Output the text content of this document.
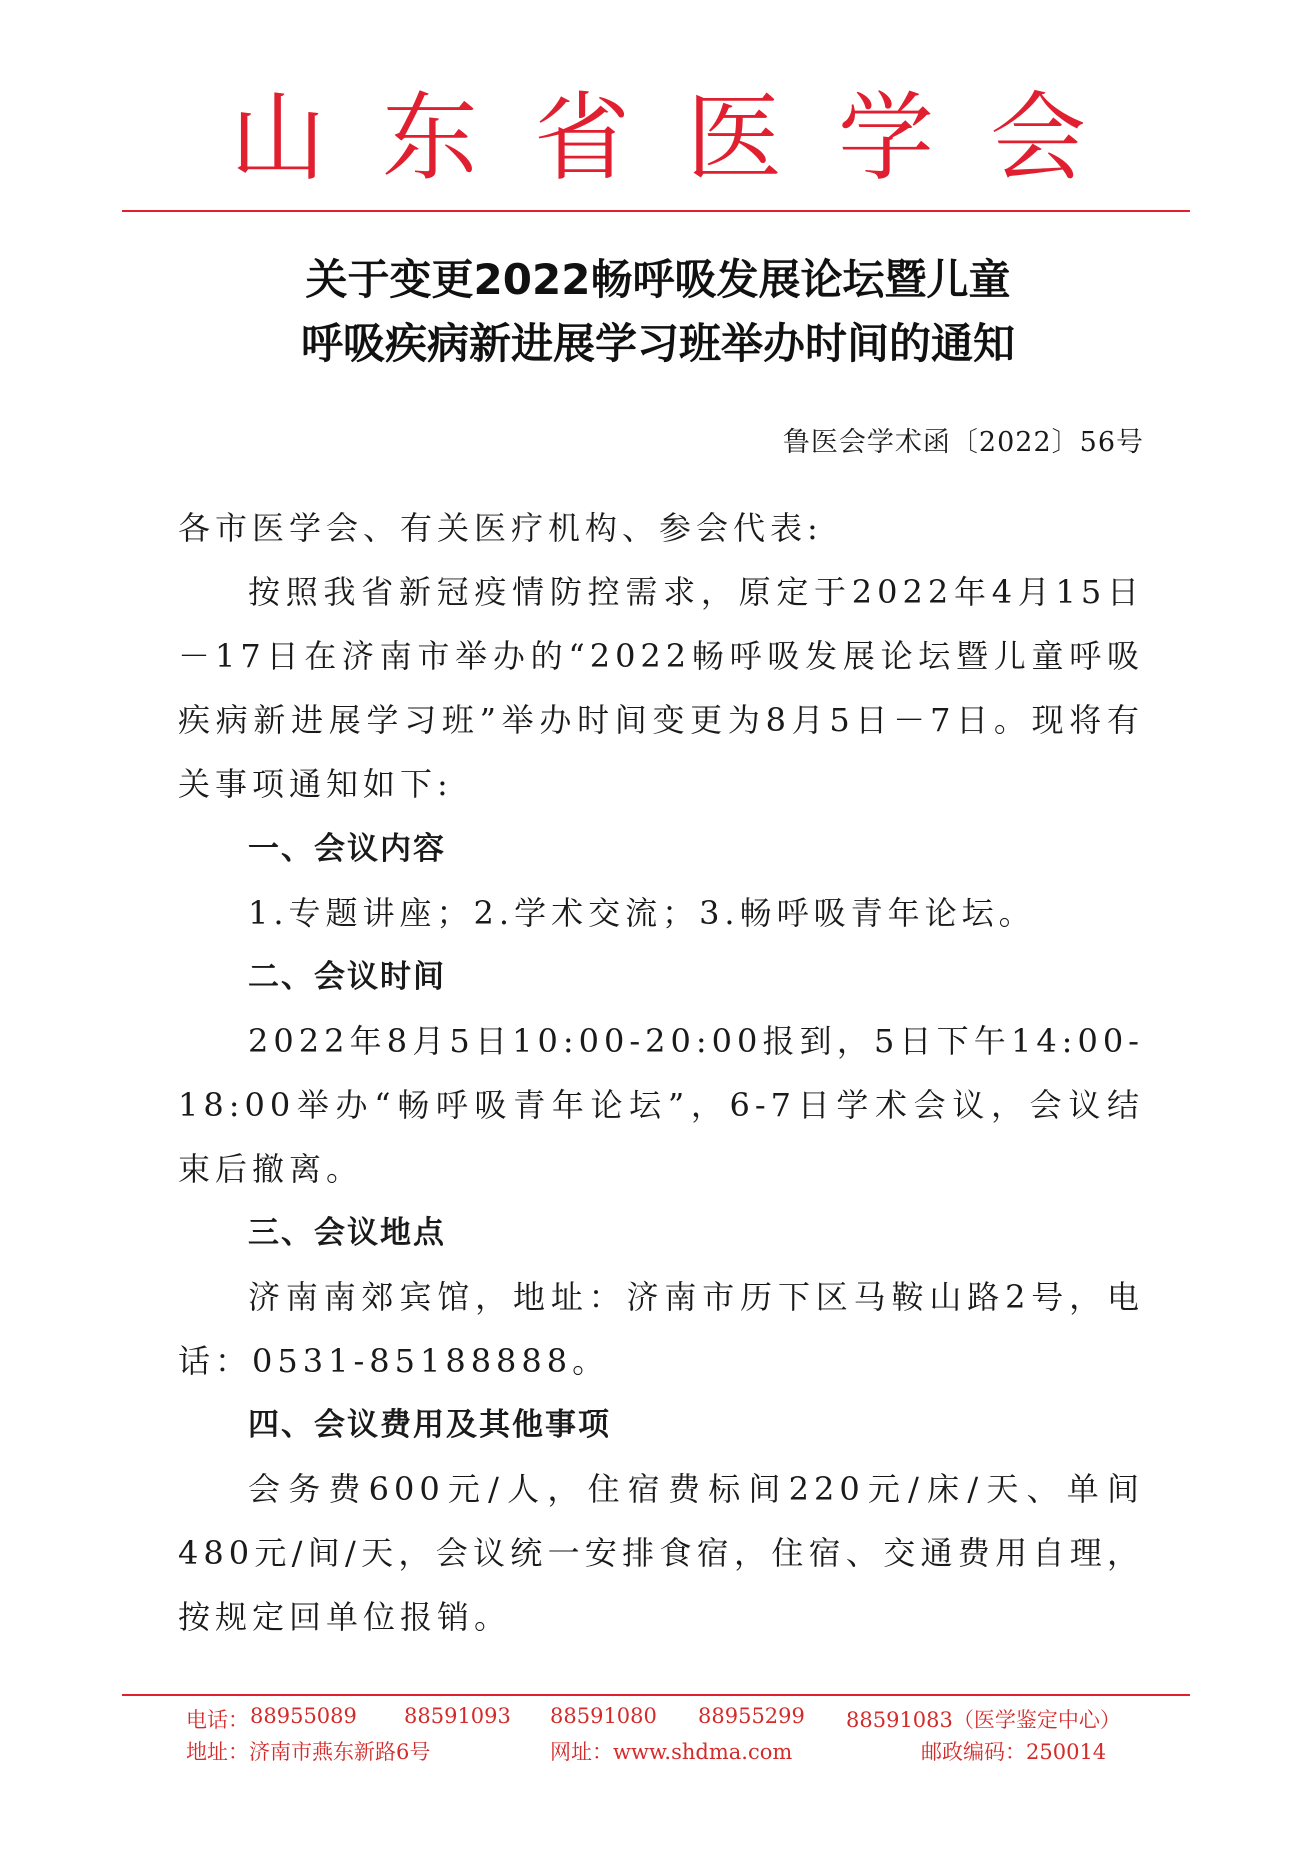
山东省医学会
关于变更2022畅呼吸发展论坛暨儿童
呼吸疾病新进展学习班举办时间的通知
鲁医会学术函〔2022〕56号
各市医学会、有关医疗机构、参会代表:
按照我省新冠疫情防控需求，原定于2022年4月15日－17日在济南市举办的“2022畅呼吸发展论坛暨儿童呼吸疾病新进展学习班”举办时间变更为8月5日－7日。现将有关事项通知如下:
一、会议内容
1.专题讲座；2.学术交流；3.畅呼吸青年论坛。
二、会议时间
2022年8月5日10:00-20:00报到，5日下午14:00-18:00举办“畅呼吸青年论坛”，6-7日学术会议，会议结束后撤离。
三、会议地点
济南南郊宾馆，地址：济南市历下区马鞍山路2号，电话：0531-85188888。
四、会议费用及其他事项
会务费600元/人，住宿费标间220元/床/天、单间480元/间/天，会议统一安排食宿，住宿、交通费用自理，按规定回单位报销。
电话： 88955089 88591093 88591080 88955299 88591083（医学鉴定中心）
地址：济南市燕东新路6号	网址：www.shdma.com	邮政编码：250014
